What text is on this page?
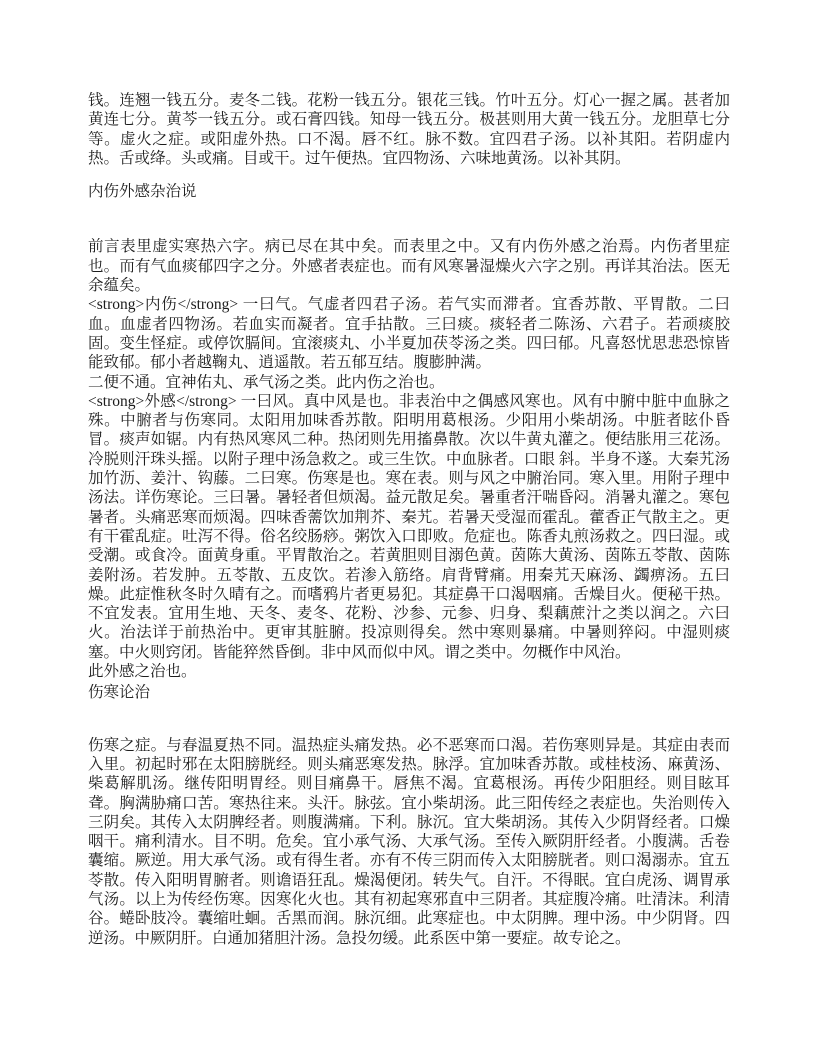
钱。连翘一钱五分。麦冬二钱。花粉一钱五分。银花三钱。竹叶五分。灯心一握之属。甚者加黄连七分。黄芩一钱五分。或石膏四钱。知母一钱五分。极甚则用大黄一钱五分。龙胆草七分等。虚火之症。或阳虚外热。口不渴。唇不红。脉不数。宜四君子汤。以补其阳。若阴虚内热。舌或绛。头或痛。目或干。过午便热。宜四物汤、六味地黄汤。以补其阴。

内伤外感杂治说

前言表里虚实寒热六字。病已尽在其中矣。而表里之中。又有内伤外感之治焉。内伤者里症也。而有气血痰郁四字之分。外感者表症也。而有风寒暑湿燥火六字之别。再详其治法。医无余蕴矣。

<strong>内伤</strong> 一曰气。气虚者四君子汤。若气实而滞者。宜香苏散、平胃散。二曰血。血虚者四物汤。若血实而凝者。宜手拈散。三曰痰。痰轻者二陈汤、六君子。若顽痰胶固。变生怪症。或停饮膈间。宜滚痰丸、小半夏加茯苓汤之类。四曰郁。凡喜怒忧思悲恐惊皆能致郁。郁小者越鞠丸、逍遥散。若五郁互结。腹膨肿满。

二便不通。宜神佑丸、承气汤之类。此内伤之治也。

<strong>外感</strong> 一曰风。真中风是也。非表治中之偶感风寒也。风有中腑中脏中血脉之殊。中腑者与伤寒同。太阳用加味香苏散。阳明用葛根汤。少阳用小柴胡汤。中脏者眩仆昏冒。痰声如锯。内有热风寒风二种。热闭则先用搐鼻散。次以牛黄丸灌之。便结胀用三花汤。冷脱则汗珠头摇。以附子理中汤急救之。或三生饮。中血脉者。口眼 斜。半身不遂。大秦艽汤加竹沥、姜汁、钩藤。二曰寒。伤寒是也。寒在表。则与风之中腑治同。寒入里。用附子理中汤法。详伤寒论。三曰暑。暑轻者但烦渴。益元散足矣。暑重者汗喘昏闷。消暑丸灌之。寒包暑者。头痛恶寒而烦渴。四味香薷饮加荆芥、秦艽。若暑天受湿而霍乱。藿香正气散主之。更有干霍乱症。吐泻不得。俗名绞肠痧。粥饮入口即败。危症也。陈香丸煎汤救之。四曰湿。或受潮。或食冷。面黄身重。平胃散治之。若黄胆则目溺色黄。茵陈大黄汤、茵陈五苓散、茵陈姜附汤。若发肿。五苓散、五皮饮。若渗入筋络。肩背臂痛。用秦艽天麻汤、蠲痹汤。五曰燥。此症惟秋冬时久晴有之。而嗜鸦片者更易犯。其症鼻干口渴咽痛。舌燥目火。便秘干热。不宜发表。宜用生地、天冬、麦冬、花粉、沙参、元参、归身、梨藕蔗汁之类以润之。六曰火。治法详于前热治中。更审其脏腑。投凉则得矣。然中寒则暴痛。中暑则猝闷。中湿则痰塞。中火则窍闭。皆能猝然昏倒。非中风而似中风。谓之类中。勿概作中风治。

此外感之治也。

伤寒论治

伤寒之症。与春温夏热不同。温热症头痛发热。必不恶寒而口渴。若伤寒则异是。其症由表而入里。初起时邪在太阳膀胱经。则头痛恶寒发热。脉浮。宜加味香苏散。或桂枝汤、麻黄汤、柴葛解肌汤。继传阳明胃经。则目痛鼻干。唇焦不渴。宜葛根汤。再传少阳胆经。则目眩耳聋。胸满胁痛口苦。寒热往来。头汗。脉弦。宜小柴胡汤。此三阳传经之表症也。失治则传入三阴矣。其传入太阴脾经者。则腹满痛。下利。脉沉。宜大柴胡汤。其传入少阴肾经者。口燥咽干。痛利清水。目不明。危矣。宜小承气汤、大承气汤。至传入厥阴肝经者。小腹满。舌卷囊缩。厥逆。用大承气汤。或有得生者。亦有不传三阴而传入太阳膀胱者。则口渴溺赤。宜五苓散。传入阳明胃腑者。则谵语狂乱。燥渴便闭。转失气。自汗。不得眠。宜白虎汤、调胃承气汤。以上为传经伤寒。因寒化火也。其有初起寒邪直中三阴者。其症腹冷痛。吐清沫。利清谷。蜷卧肢冷。囊缩吐蛔。舌黑而润。脉沉细。此寒症也。中太阴脾。理中汤。中少阴肾。四逆汤。中厥阴肝。白通加猪胆汁汤。急投勿缓。此系医中第一要症。故专论之。
